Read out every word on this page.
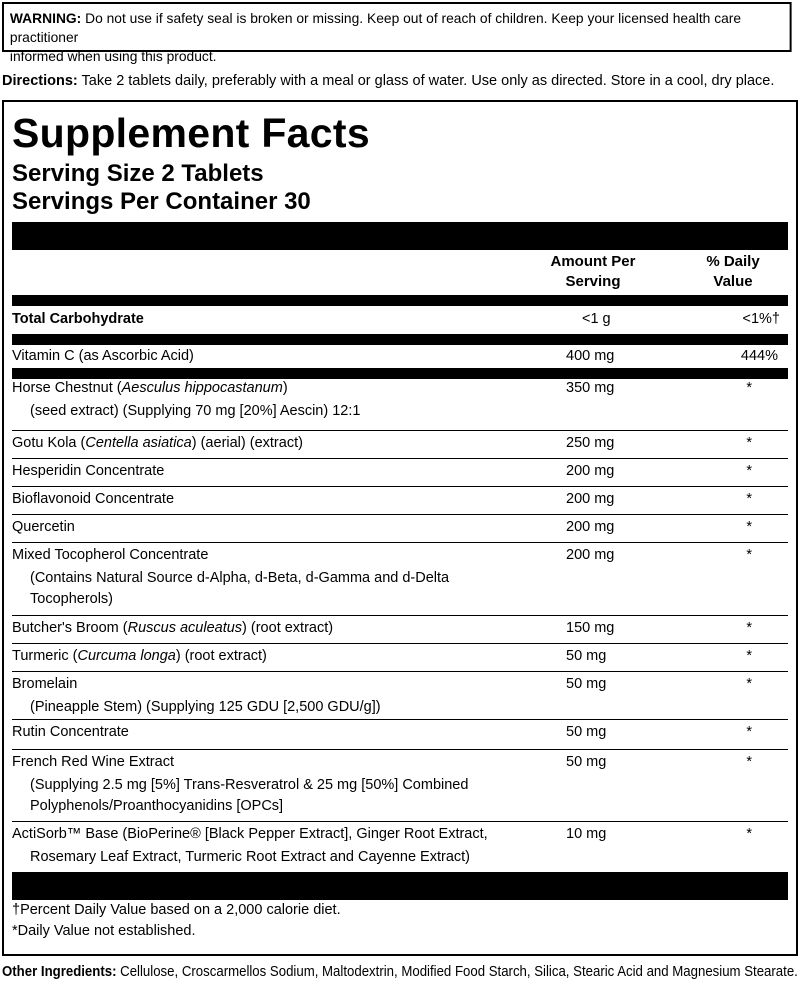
WARNING: Do not use if safety seal is broken or missing. Keep out of reach of children. Keep your licensed health care practitioner
informed when using this product.
Directions: Take 2 tablets daily, preferably with a meal or glass of water. Use only as directed. Store in a cool, dry place.
Supplement Facts
Serving Size 2 Tablets
Servings Per Container 30
Amount Per
Serving
% Daily
Value
Total Carbohydrate	<1 g	<1%†
Vitamin C (as Ascorbic Acid)	400 mg	444%
Horse Chestnut (Aesculus hippocastanum)
(seed extract) (Supplying 70 mg [20%] Aescin) 12:1
350 mg	*
Gotu Kola (Centella asiatica) (aerial) (extract)	250 mg	*
Hesperidin Concentrate	200 mg	*
Bioflavonoid Concentrate	200 mg	*
Quercetin	200 mg	*
Mixed Tocopherol Concentrate
(Contains Natural Source d-Alpha, d-Beta, d-Gamma and d-Delta
Tocopherols)
200 mg	*
Butcher's Broom (Ruscus aculeatus) (root extract)	150 mg	*
Turmeric (Curcuma longa) (root extract)	50 mg	*
Bromelain
(Pineapple Stem) (Supplying 125 GDU [2,500 GDU/g])
50 mg	*
Rutin Concentrate	50 mg	*
French Red Wine Extract
(Supplying 2.5 mg [5%] Trans-Resveratrol & 25 mg [50%] Combined
Polyphenols/Proanthocyanidins [OPCs]
50 mg	*
ActiSorb™ Base (BioPerine® [Black Pepper Extract], Ginger Root Extract,
Rosemary Leaf Extract, Turmeric Root Extract and Cayenne Extract)
10 mg	*
†Percent Daily Value based on a 2,000 calorie diet.
*Daily Value not established.
Other Ingredients: Cellulose, Croscarmellos Sodium, Maltodextrin, Modified Food Starch, Silica, Stearic Acid and Magnesium Stearate.
